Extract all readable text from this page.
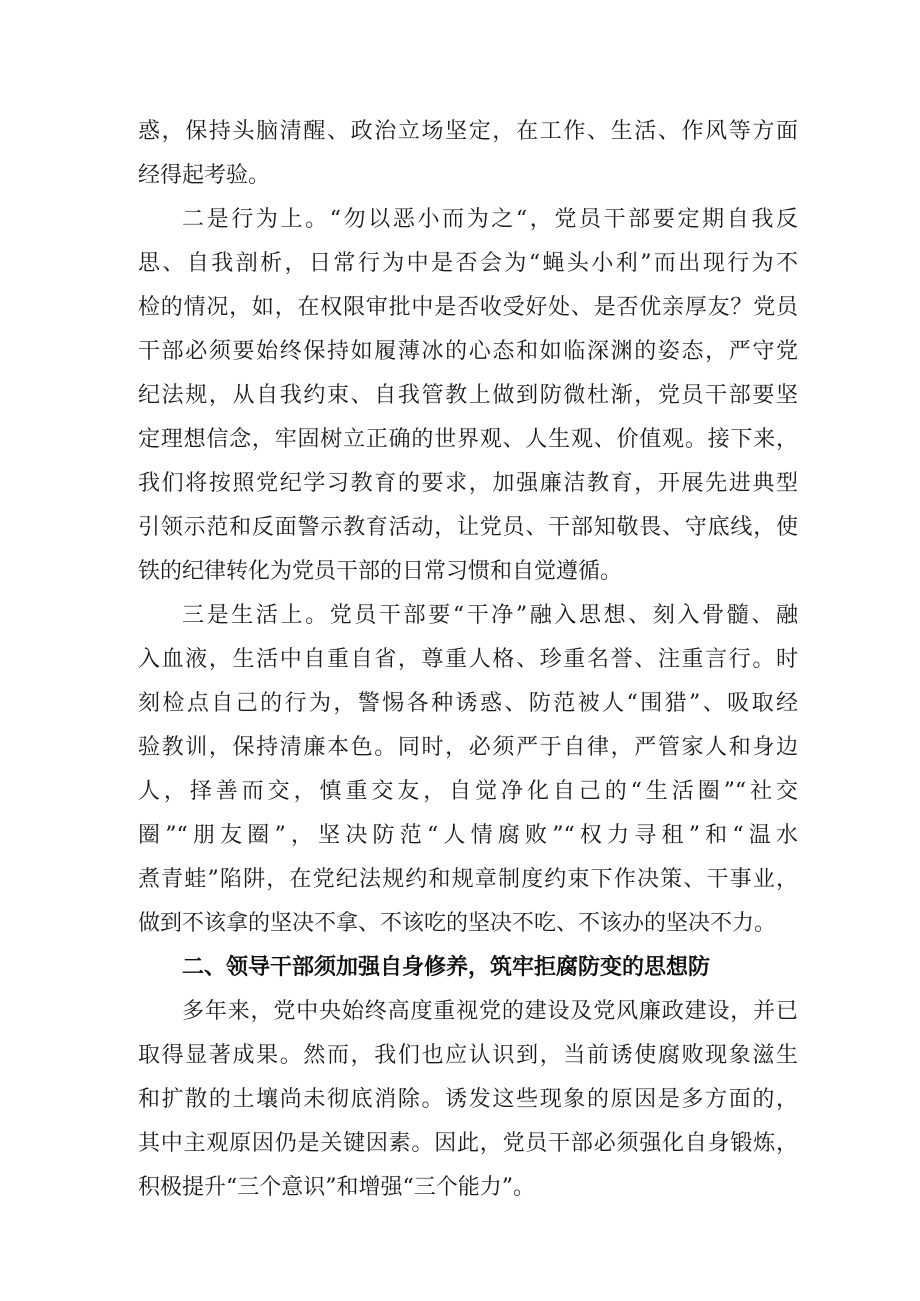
惑，保持头脑清醒、政治立场坚定，在工作、生活、作风等方面
经得起考验。
二是行为上。“勿以恶小而为之“，党员干部要定期自我反
思、自我剖析，日常行为中是否会为“蝇头小利”而出现行为不
检的情况，如，在权限审批中是否收受好处、是否优亲厚友？党员
干部必须要始终保持如履薄冰的心态和如临深渊的姿态，严守党
纪法规，从自我约束、自我管教上做到防微杜渐，党员干部要坚
定理想信念，牢固树立正确的世界观、人生观、价值观。接下来，
我们将按照党纪学习教育的要求，加强廉洁教育，开展先进典型
引领示范和反面警示教育活动，让党员、干部知敬畏、守底线，使
铁的纪律转化为党员干部的日常习惯和自觉遵循。
三是生活上。党员干部要“干净”融入思想、刻入骨髓、融
入血液，生活中自重自省，尊重人格、珍重名誉、注重言行。时
刻检点自己的行为，警惕各种诱惑、防范被人“围猎”、吸取经
验教训，保持清廉本色。同时，必须严于自律，严管家人和身边
人，择善而交，慎重交友，自觉净化自己的“生活圈”“社交
圈”“朋友圈”，坚决防范“人情腐败”“权力寻租”和“温水
煮青蛙”陷阱，在党纪法规约和规章制度约束下作决策、干事业，
做到不该拿的坚决不拿、不该吃的坚决不吃、不该办的坚决不力。
二、领导干部须加强自身修养，筑牢拒腐防变的思想防
多年来，党中央始终高度重视党的建设及党风廉政建设，并已
取得显著成果。然而，我们也应认识到，当前诱使腐败现象滋生
和扩散的土壤尚未彻底消除。诱发这些现象的原因是多方面的，
其中主观原因仍是关键因素。因此，党员干部必须强化自身锻炼，
积极提升“三个意识”和增强“三个能力”。
